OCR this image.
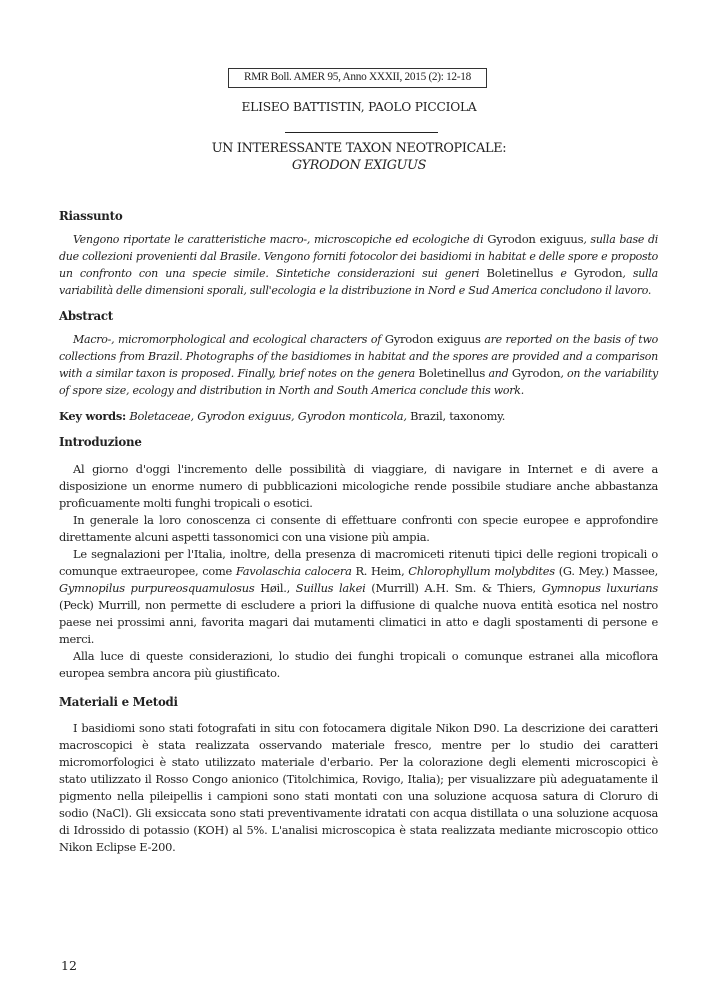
RMR Boll. AMER 95, Anno XXXII, 2015 (2): 12-18
ELISEO BATTISTIN, PAOLO PICCIOLA
UN INTERESSANTE TAXON NEOTROPICALE:
GYRODON EXIGUUS
Riassunto

Vengono riportate le caratteristiche macro-, microscopiche ed ecologiche di Gyrodon exiguus, sulla base di due collezioni provenienti dal Brasile. Vengono forniti fotocolor dei basidiomi in habitat e delle spore e proposto un confronto con una specie simile. Sintetiche considerazioni sui generi Boletinellus e Gyrodon, sulla variabilità delle dimensioni sporali, sull'ecologia e la distribuzione in Nord e Sud America concludono il lavoro.

Abstract

Macro-, micromorphological and ecological characters of Gyrodon exiguus are reported on the basis of two collections from Brazil. Photographs of the basidiomes in habitat and the spores are provided and a comparison with a similar taxon is proposed. Finally, brief notes on the genera Boletinellus and Gyrodon, on the variability of spore size, ecology and distribution in North and South America conclude this work.

Key words: Boletaceae, Gyrodon exiguus, Gyrodon monticola, Brazil, taxonomy.

Introduzione

Al giorno d'oggi l'incremento delle possibilità di viaggiare, di navigare in Internet e di avere a disposizione un enorme numero di pubblicazioni micologiche rende possibile studiare anche abbastanza proficuamente molti funghi tropicali o esotici.

In generale la loro conoscenza ci consente di effettuare confronti con specie europee e approfondire direttamente alcuni aspetti tassonomici con una visione più ampia.

Le segnalazioni per l'Italia, inoltre, della presenza di macromiceti ritenuti tipici delle regioni tropicali o comunque extraeuropee, come Favolaschia calocera R. Heim, Chlorophyllum molybdites (G. Mey.) Massee, Gymnopilus purpureosquamulosus Høil., Suillus lakei (Murrill) A.H. Sm. & Thiers, Gymnopus luxurians (Peck) Murrill, non permette di escludere a priori la diffusione di qualche nuova entità esotica nel nostro paese nei prossimi anni, favorita magari dai mutamenti climatici in atto e dagli spostamenti di persone e merci.

Alla luce di queste considerazioni, lo studio dei funghi tropicali o comunque estranei alla micoflora europea sembra ancora più giustificato.

Materiali e Metodi

I basidiomi sono stati fotografati in situ con fotocamera digitale Nikon D90. La descrizione dei caratteri macroscopici è stata realizzata osservando materiale fresco, mentre per lo studio dei caratteri micromorfologici è stato utilizzato materiale d'erbario. Per la colorazione degli elementi microscopici è stato utilizzato il Rosso Congo anionico (Titolchimica, Rovigo, Italia); per visualizzare più adeguatamente il pigmento nella pileipellis i campioni sono stati montati con una soluzione acquosa satura di Cloruro di sodio (NaCl). Gli exsiccata sono stati preventivamente idratati con acqua distillata o una soluzione acquosa di Idrossido di potassio (KOH) al 5%. L'analisi microscopica è stata realizzata mediante microscopio ottico Nikon Eclipse E-200.

12
